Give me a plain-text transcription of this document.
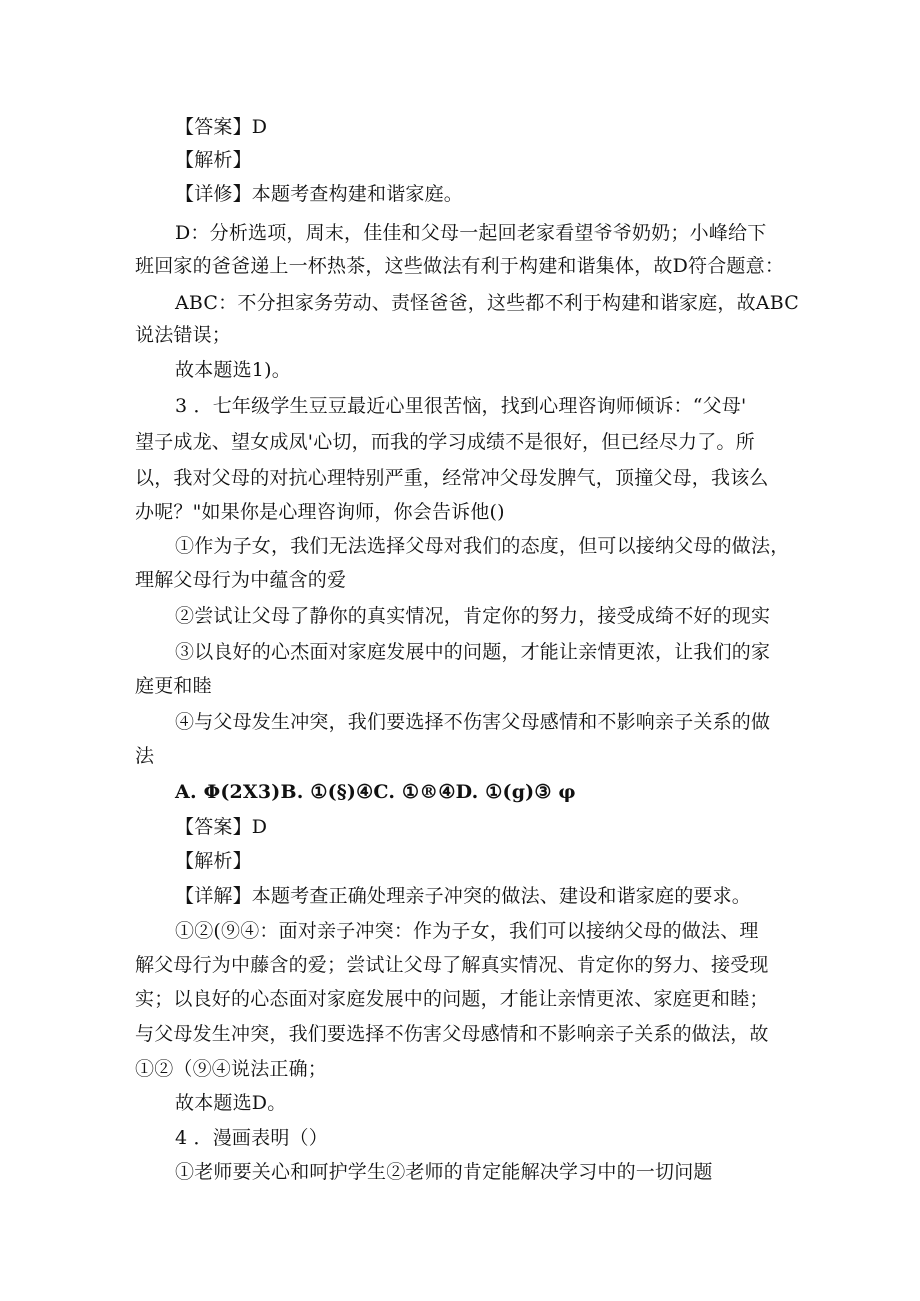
【答案】D
【解析】
【详修】本题考查构建和谐家庭。
D：分析选项，周末，佳佳和父母一起回老家看望爷爷奶奶；小峰给下
班回家的爸爸递上一杯热茶，这些做法有利于构建和谐集体，故D符合题意：
ABC：不分担家务劳动、责怪爸爸，这些都不利于构建和谐家庭，故ABC
说法错误；
故本题选1)。
3 ．七年级学生豆豆最近心里很苦恼，找到心理咨询师倾诉：“父母'
望子成龙、望女成凤'心切，而我的学习成绩不是很好，但已经尽力了。所
以，我对父母的对抗心理特别严重，经常冲父母发脾气，顶撞父母，我该么
办呢？"如果你是心理咨询师，你会告诉他()
①作为子女，我们无法选择父母对我们的态度，但可以接纳父母的做法，
理解父母行为中蕴含的爱
②尝试让父母了静你的真实情况，肯定你的努力，接受成绮不好的现实
③以良好的心杰面对家庭发展中的问题，才能让亲情更浓，让我们的家
庭更和睦
④与父母发生冲突，我们要选择不伤害父母感情和不影响亲子关系的做
法
A. Φ(2X3)B. ①(§)④C. ①®④D. ①(g)③ φ
【答案】D
【解析】
【详解】本题考查正确处理亲子冲突的做法、建设和谐家庭的要求。
①②(⑨④：面对亲子冲突：作为子女，我们可以接纳父母的做法、理
解父母行为中藤含的爱；尝试让父母了解真实情况、肯定你的努力、接受现
实；以良好的心态面对家庭发展中的问题，才能让亲情更浓、家庭更和睦；
与父母发生冲突，我们要选择不伤害父母感情和不影响亲子关系的做法，故
①②（⑨④说法正确；
故本题选D。
4 ．漫画表明（）
①老师要关心和呵护学生②老师的肯定能解决学习中的一切问题
